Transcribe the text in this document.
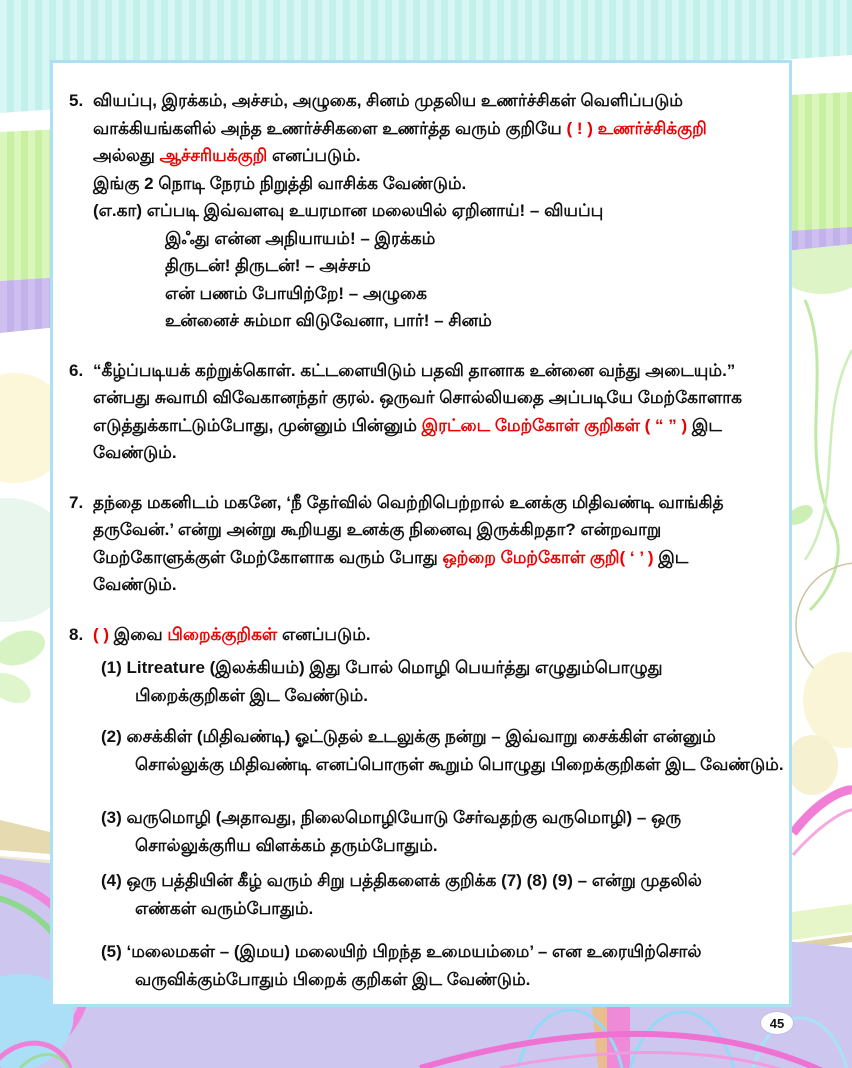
5. வியப்பு, இரக்கம், அச்சம், அழுகை, சினம் முதலிய உணர்ச்சிகள் வெளிப்படும்
வாக்கியங்களில் அந்த உணர்ச்சிகளை உணர்த்த வரும் குறியே ( ! ) உணர்ச்சிக்குறி
அல்லது ஆச்சரியக்குறி எனப்படும்.
இங்கு 2 நொடி நேரம் நிறுத்தி வாசிக்க வேண்டும்.
(எ.கா) எப்படி இவ்வளவு உயரமான மலையில் ஏறினாய்! – வியப்பு
இஃது என்ன அநியாயம்! – இரக்கம்
திருடன்! திருடன்! – அச்சம்
என் பணம் போயிற்றே! – அழுகை
உன்னைச் சும்மா விடுவேனா, பார்! – சினம்
6. “கீழ்ப்படியக் கற்றுக்கொள். கட்டளையிடும் பதவி தானாக உன்னை வந்து அடையும்.”
என்பது சுவாமி விவேகானந்தர் குரல். ஒருவர் சொல்லியதை அப்படியே மேற்கோளாக
எடுத்துக்காட்டும்போது, முன்னும் பின்னும் இரட்டை மேற்கோள் குறிகள் ( “ ” ) இட
வேண்டும்.
7. தந்தை மகனிடம் மகனே, ‘நீ தேர்வில் வெற்றிபெற்றால் உனக்கு மிதிவண்டி வாங்கித்
தருவேன்.’ என்று அன்று கூறியது உனக்கு நினைவு இருக்கிறதா? என்றவாறு
மேற்கோளுக்குள் மேற்கோளாக வரும் போது ஒற்றை மேற்கோள் குறி( ‘ ’ ) இட
வேண்டும்.
8. ( ) இவை பிறைக்குறிகள் எனப்படும்.
(1) Litreature (இலக்கியம்) இது போல் மொழி பெயர்த்து எழுதும்பொழுது
பிறைக்குறிகள் இட வேண்டும்.
(2) சைக்கிள் (மிதிவண்டி) ஓட்டுதல் உடலுக்கு நன்று – இவ்வாறு சைக்கிள் என்னும்
சொல்லுக்கு மிதிவண்டி எனப்பொருள் கூறும் பொழுது பிறைக்குறிகள் இட வேண்டும்.
(3) வருமொழி (அதாவது, நிலைமொழியோடு சேர்வதற்கு வருமொழி) – ஒரு
சொல்லுக்குரிய விளக்கம் தரும்போதும்.
(4) ஒரு பத்தியின் கீழ் வரும் சிறு பத்திகளைக் குறிக்க (7) (8) (9) – என்று முதலில்
எண்கள் வரும்போதும்.
(5) ‘மலைமகள் – (இமய) மலையிற் பிறந்த உமையம்மை’ – என உரையிற்சொல்
வருவிக்கும்போதும் பிறைக் குறிகள் இட வேண்டும்.
45
